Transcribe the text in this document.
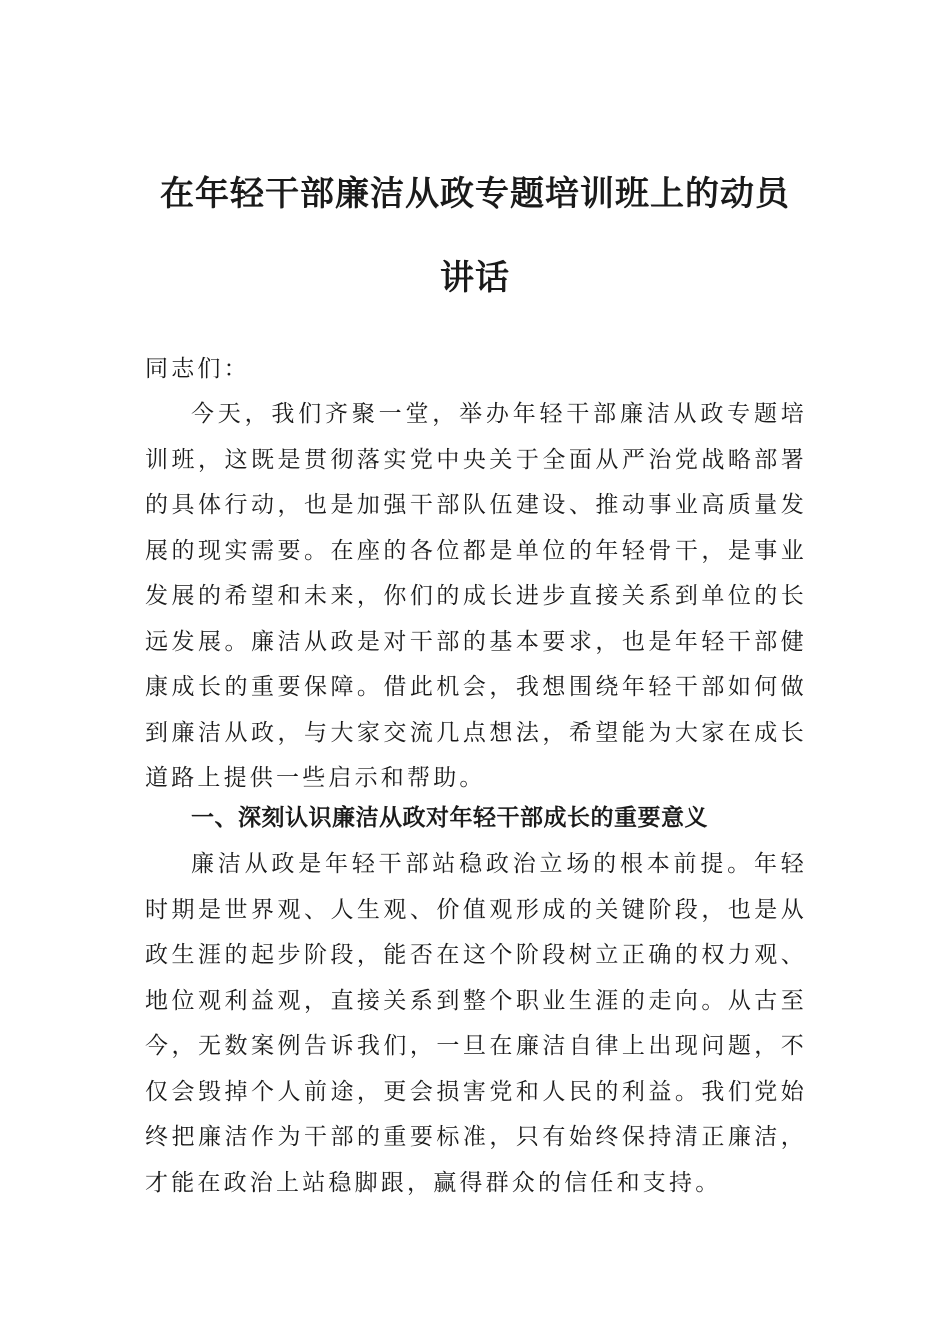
在年轻干部廉洁从政专题培训班上的动员
讲话
同志们：

今天，我们齐聚一堂，举办年轻干部廉洁从政专题培训班，这既是贯彻落实党中央关于全面从严治党战略部署的具体行动，也是加强干部队伍建设、推动事业高质量发展的现实需要。在座的各位都是单位的年轻骨干，是事业发展的希望和未来，你们的成长进步直接关系到单位的长远发展。廉洁从政是对干部的基本要求，也是年轻干部健康成长的重要保障。借此机会，我想围绕年轻干部如何做到廉洁从政，与大家交流几点想法，希望能为大家在成长道路上提供一些启示和帮助。

一、深刻认识廉洁从政对年轻干部成长的重要意义

廉洁从政是年轻干部站稳政治立场的根本前提。年轻时期是世界观、人生观、价值观形成的关键阶段，也是从政生涯的起步阶段，能否在这个阶段树立正确的权力观、地位观利益观，直接关系到整个职业生涯的走向。从古至今，无数案例告诉我们，一旦在廉洁自律上出现问题，不仅会毁掉个人前途，更会损害党和人民的利益。我们党始终把廉洁作为干部的重要标准，只有始终保持清正廉洁，才能在政治上站稳脚跟，赢得群众的信任和支持。
